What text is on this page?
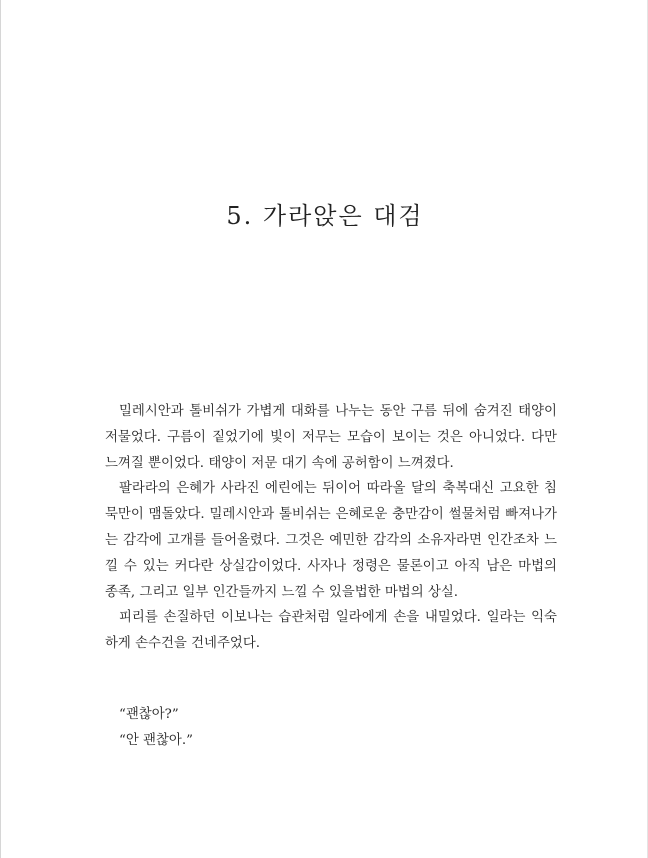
5. 가라앉은 대검

밀레시안과 톨비쉬가 가볍게 대화를 나누는 동안 구름 뒤에 숨겨진 태양이 저물었다. 구름이 짙었기에 빛이 저무는 모습이 보이는 것은 아니었다. 다만 느껴질 뿐이었다. 태양이 저문 대기 속에 공허함이 느껴졌다.

팔라라의 은혜가 사라진 에린에는 뒤이어 따라올 달의 축복대신 고요한 침묵만이 맴돌았다. 밀레시안과 톨비쉬는 은혜로운 충만감이 썰물처럼 빠져나가는 감각에 고개를 들어올렸다. 그것은 예민한 감각의 소유자라면 인간조차 느낄 수 있는 커다란 상실감이었다. 사자나 정령은 물론이고 아직 남은 마법의 종족, 그리고 일부 인간들까지 느낄 수 있을법한 마법의 상실.

피리를 손질하던 이보나는 습관처럼 일라에게 손을 내밀었다. 일라는 익숙하게 손수건을 건네주었다.

“괜찮아?”
“안 괜찮아.”
